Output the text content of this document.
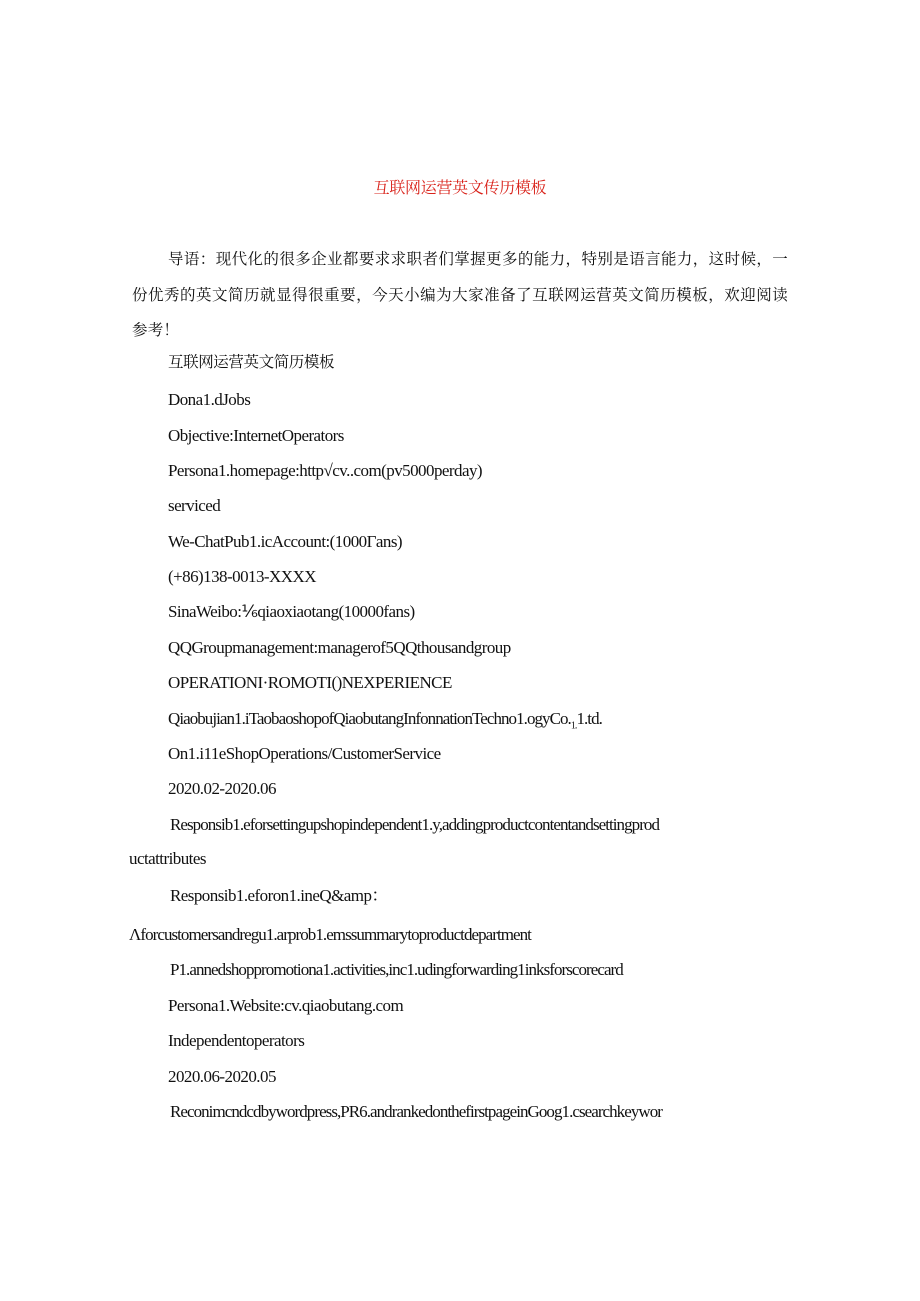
互联网运营英文传历模板

导语：现代化的很多企业都要求求职者们掌握更多的能力，特别是语言能力，这时候，一份优秀的英文简历就显得很重要，今天小编为大家准备了互联网运营英文简历模板，欢迎阅读参考！

互联网运营英文简历模板

Dona1.dJobs

Objective:InternetOperators

Persona1.homepage:http√cv..com(pv5000perday)

serviced

We-ChatPub1.icAccount:(1000Γans)

(+86)138-0013-XXXX

SinaWeibo:⅙qiaoxiaotang(10000fans)

QQGroupmanagement:managerof5QQthousandgroup

OPERATIONI·ROMOTI()NEXPERIENCE

$Qiaobujian1.iTaobaoshopofQiaobutangInfonnationTechno1.ogyCo._{1.}1.td$.

On1.i11eShopOperations/CustomerService

2020.02-2020.06

Responsib1.eforsettingupshopindependent1.y,addingproductcontentandsettingprod

uctattributes

Responsib1.eforon1.ineQ&amp：

Λforcustomersandregu1.arprob1.emssummarytoproductdepartment

P1.annedshoppromotiona1.activities,inc1.udingforwarding1inksforscorecard

Persona1.Website:cv.qiaobutang.com

Independentoperators

2020.06-2020.05

Reconimcndcdbywordpress,PR6.andrankedonthefirstpageinGoog1.csearchkeywor
